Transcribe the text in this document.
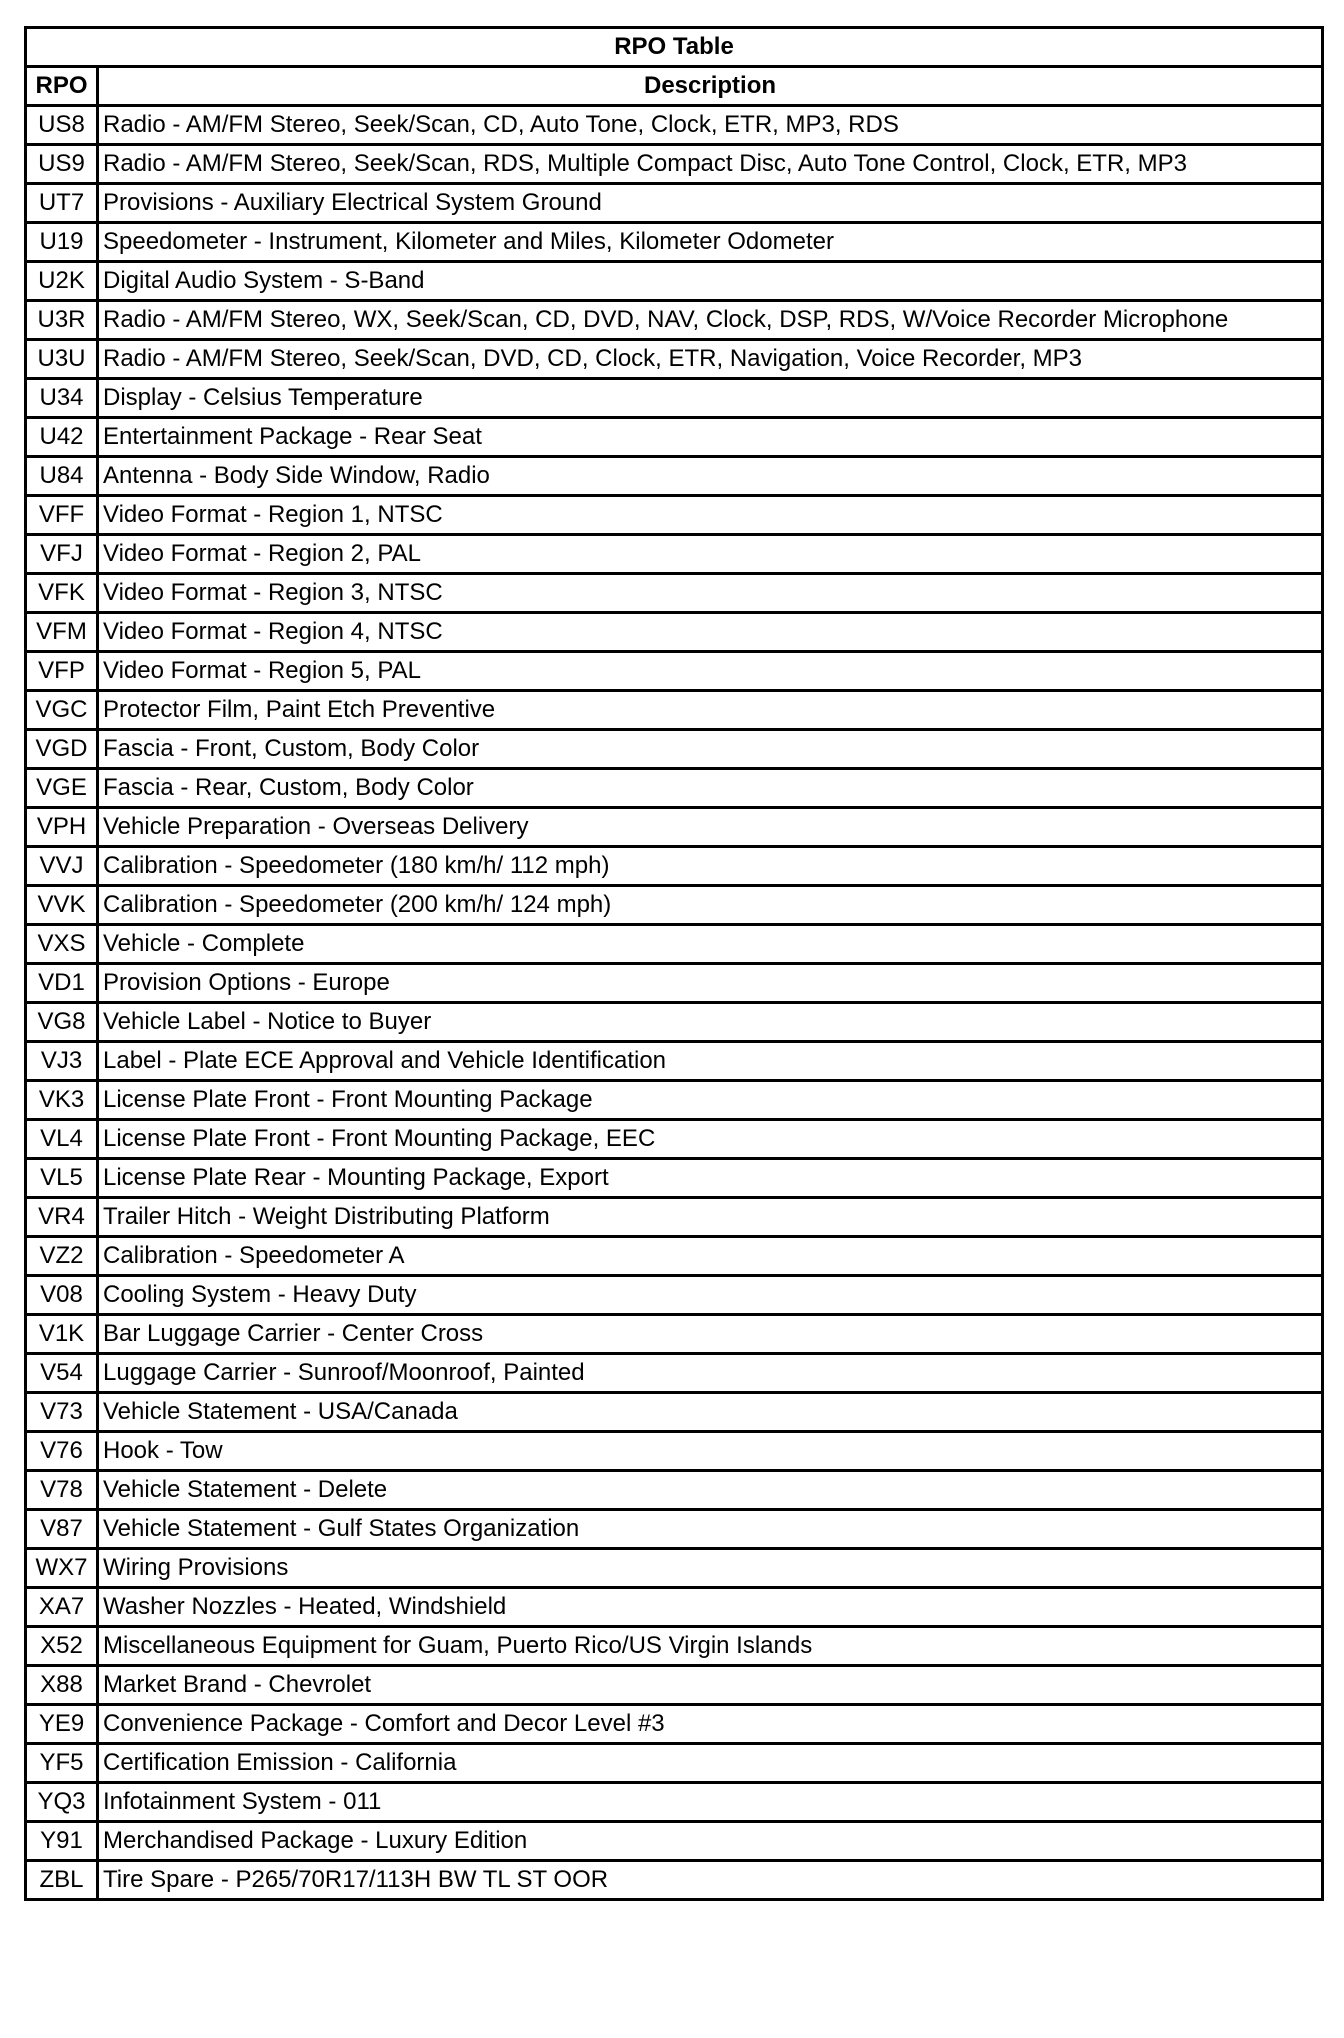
RPO Table	
RPO	Description
US8	Radio - AM/FM Stereo, Seek/Scan, CD, Auto Tone, Clock, ETR, MP3, RDS
US9	Radio - AM/FM Stereo, Seek/Scan, RDS, Multiple Compact Disc, Auto Tone Control, Clock, ETR, MP3
UT7	Provisions - Auxiliary Electrical System Ground
U19	Speedometer - Instrument, Kilometer and Miles, Kilometer Odometer
U2K	Digital Audio System - S-Band
U3R	Radio - AM/FM Stereo, WX, Seek/Scan, CD, DVD, NAV, Clock, DSP, RDS, W/Voice Recorder Microphone
U3U	Radio - AM/FM Stereo, Seek/Scan, DVD, CD, Clock, ETR, Navigation, Voice Recorder, MP3
U34	Display - Celsius Temperature
U42	Entertainment Package - Rear Seat
U84	Antenna - Body Side Window, Radio
VFF	Video Format - Region 1, NTSC
VFJ	Video Format - Region 2, PAL
VFK	Video Format - Region 3, NTSC
VFM	Video Format - Region 4, NTSC
VFP	Video Format - Region 5, PAL
VGC	Protector Film, Paint Etch Preventive
VGD	Fascia - Front, Custom, Body Color
VGE	Fascia - Rear, Custom, Body Color
VPH	Vehicle Preparation - Overseas Delivery
VVJ	Calibration - Speedometer (180 km/h/ 112 mph)
VVK	Calibration - Speedometer (200 km/h/ 124 mph)
VXS	Vehicle - Complete
VD1	Provision Options - Europe
VG8	Vehicle Label - Notice to Buyer
VJ3	Label - Plate ECE Approval and Vehicle Identification
VK3	License Plate Front - Front Mounting Package
VL4	License Plate Front - Front Mounting Package, EEC
VL5	License Plate Rear - Mounting Package, Export
VR4	Trailer Hitch - Weight Distributing Platform
VZ2	Calibration - Speedometer A
V08	Cooling System - Heavy Duty
V1K	Bar Luggage Carrier - Center Cross
V54	Luggage Carrier - Sunroof/Moonroof, Painted
V73	Vehicle Statement - USA/Canada
V76	Hook - Tow
V78	Vehicle Statement - Delete
V87	Vehicle Statement - Gulf States Organization
WX7	Wiring Provisions
XA7	Washer Nozzles - Heated, Windshield
X52	Miscellaneous Equipment for Guam, Puerto Rico/US Virgin Islands
X88	Market Brand - Chevrolet
YE9	Convenience Package - Comfort and Decor Level #3
YF5	Certification Emission - California
YQ3	Infotainment System - 011
Y91	Merchandised Package - Luxury Edition
ZBL	Tire Spare - P265/70R17/113H BW TL ST OOR
